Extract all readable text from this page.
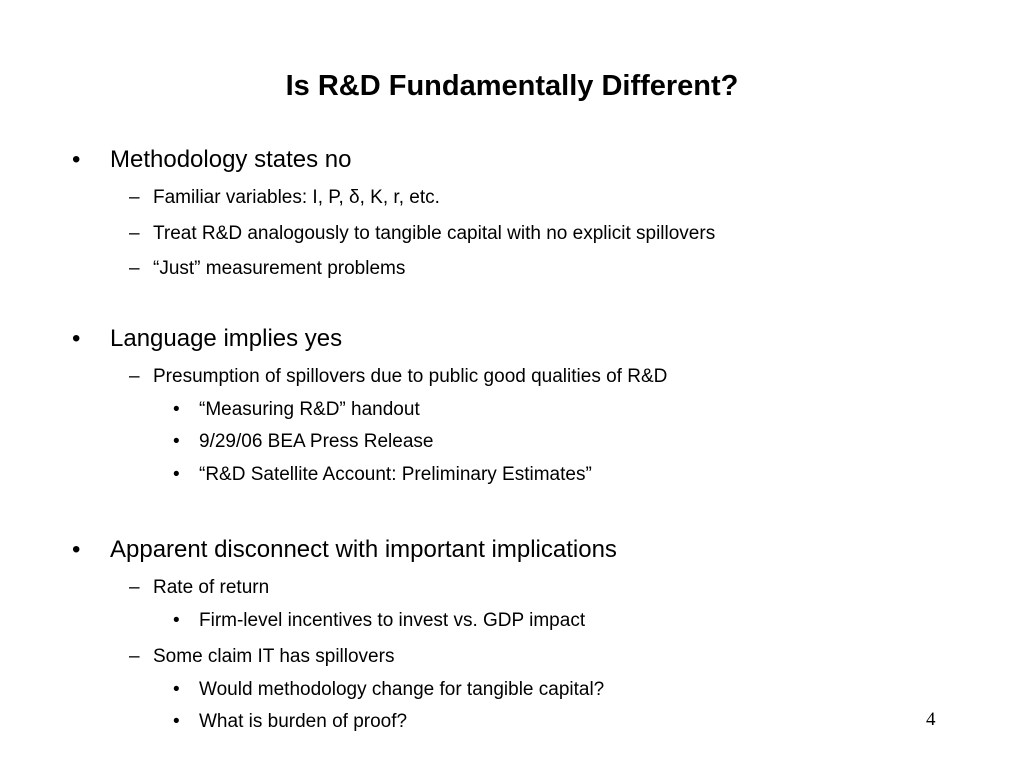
Is R&D Fundamentally Different?
• Methodology states no
– Familiar variables: I, P, δ, K, r, etc.
– Treat R&D analogously to tangible capital with no explicit spillovers
– “Just” measurement problems
• Language implies yes
– Presumption of spillovers due to public good qualities of R&D
• “Measuring R&D” handout
• 9/29/06 BEA Press Release
• “R&D Satellite Account: Preliminary Estimates”
• Apparent disconnect with important implications
– Rate of return
• Firm-level incentives to invest vs. GDP impact
– Some claim IT has spillovers
• Would methodology change for tangible capital?
• What is burden of proof?	4
